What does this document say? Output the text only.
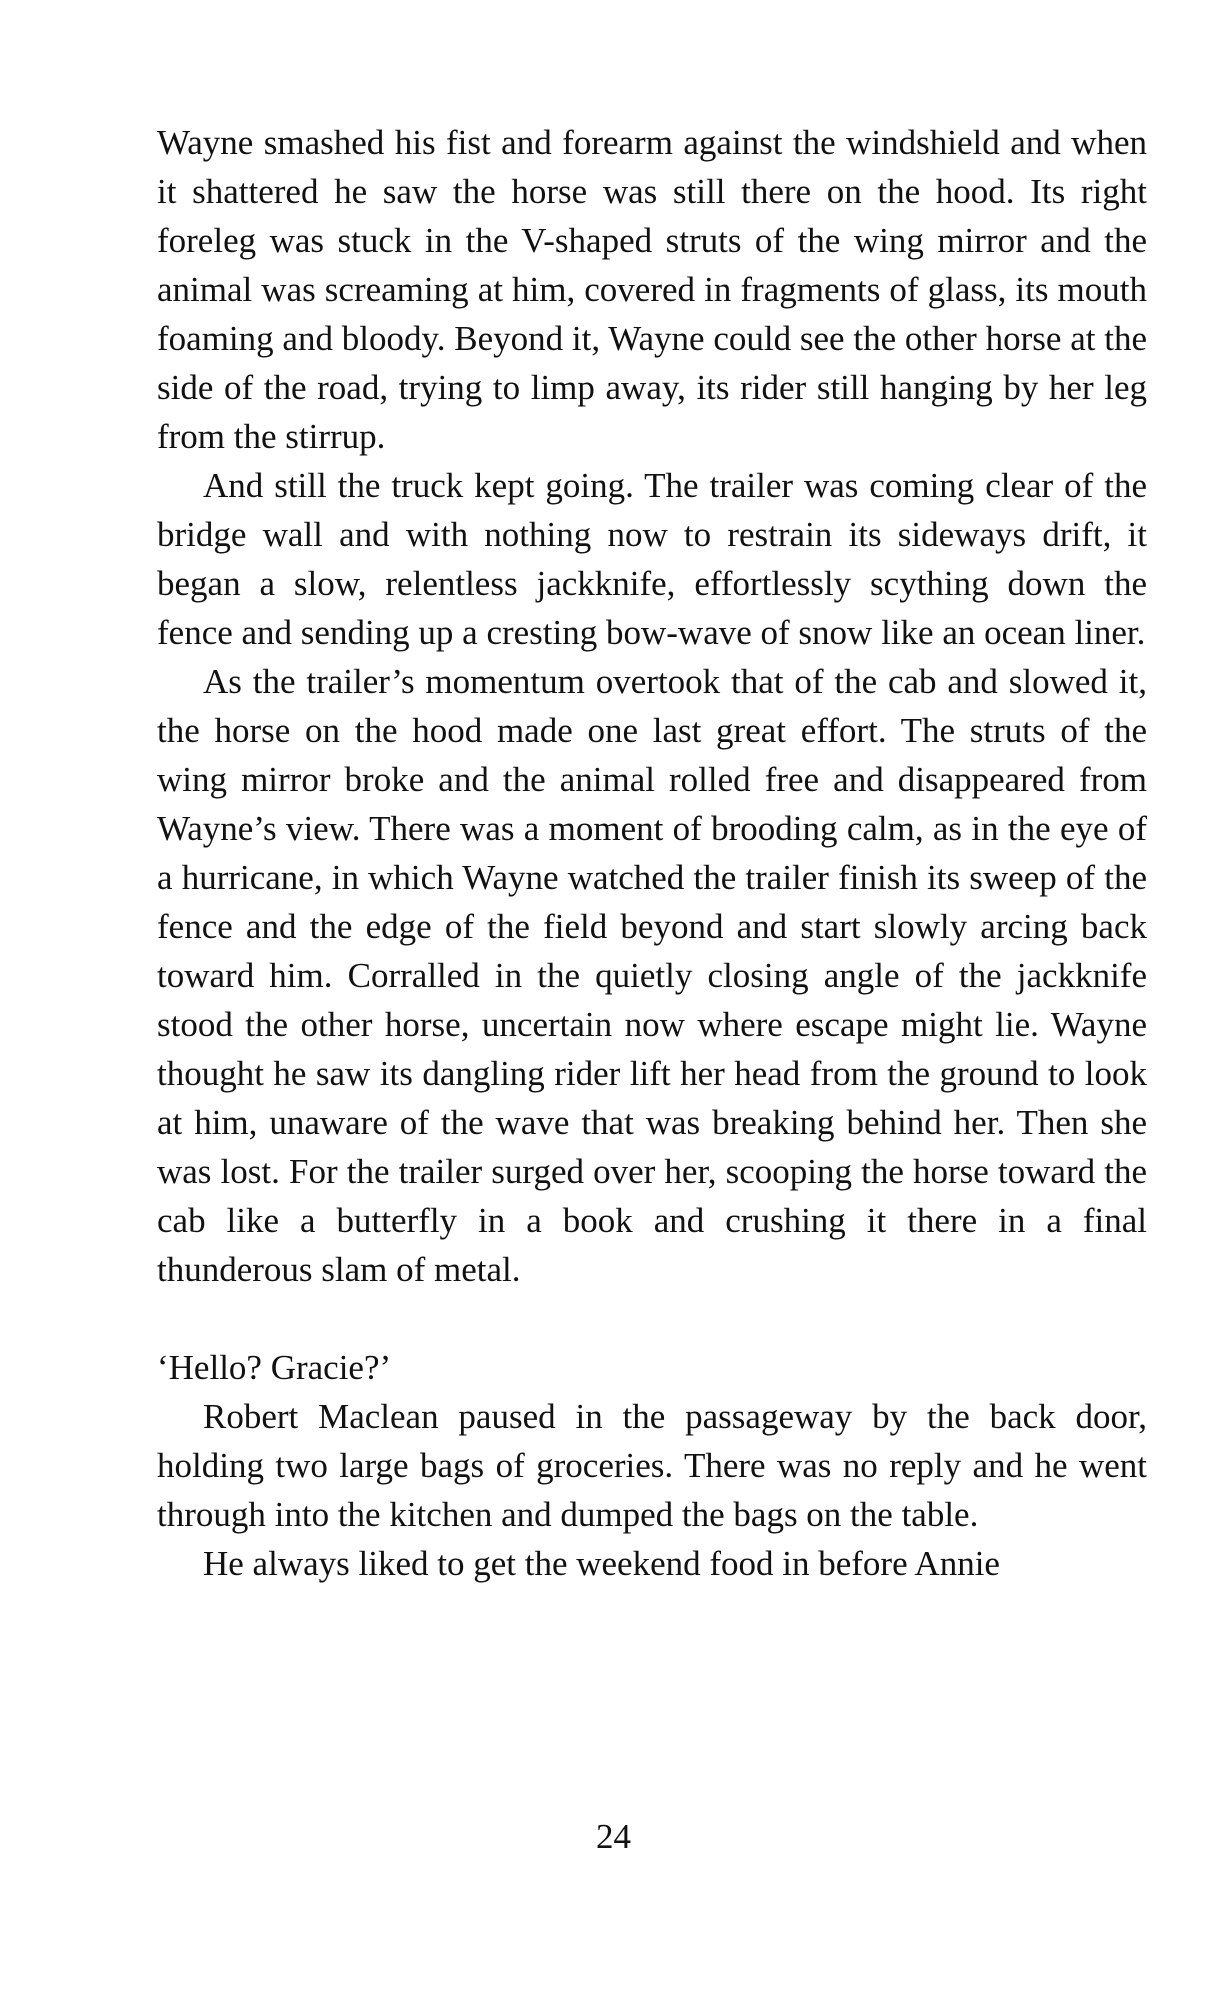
Wayne smashed his fist and forearm against the windshield and when it shattered he saw the horse was still there on the hood. Its right foreleg was stuck in the V-shaped struts of the wing mirror and the animal was screaming at him, covered in fragments of glass, its mouth foaming and bloody. Beyond it, Wayne could see the other horse at the side of the road, trying to limp away, its rider still hanging by her leg from the stirrup.

And still the truck kept going. The trailer was coming clear of the bridge wall and with nothing now to restrain its sideways drift, it began a slow, relentless jackknife, effortlessly scything down the fence and sending up a cresting bow-wave of snow like an ocean liner.

As the trailer’s momentum overtook that of the cab and slowed it, the horse on the hood made one last great effort. The struts of the wing mirror broke and the animal rolled free and disappeared from Wayne’s view. There was a moment of brooding calm, as in the eye of a hurricane, in which Wayne watched the trailer finish its sweep of the fence and the edge of the field beyond and start slowly arcing back toward him. Corralled in the quietly closing angle of the jackknife stood the other horse, uncertain now where escape might lie. Wayne thought he saw its dangling rider lift her head from the ground to look at him, unaware of the wave that was breaking behind her. Then she was lost. For the trailer surged over her, scooping the horse toward the cab like a butterfly in a book and crushing it there in a final thunderous slam of metal.

‘Hello? Gracie?’

Robert Maclean paused in the passageway by the back door, holding two large bags of groceries. There was no reply and he went through into the kitchen and dumped the bags on the table.

He always liked to get the weekend food in before Annie

24
